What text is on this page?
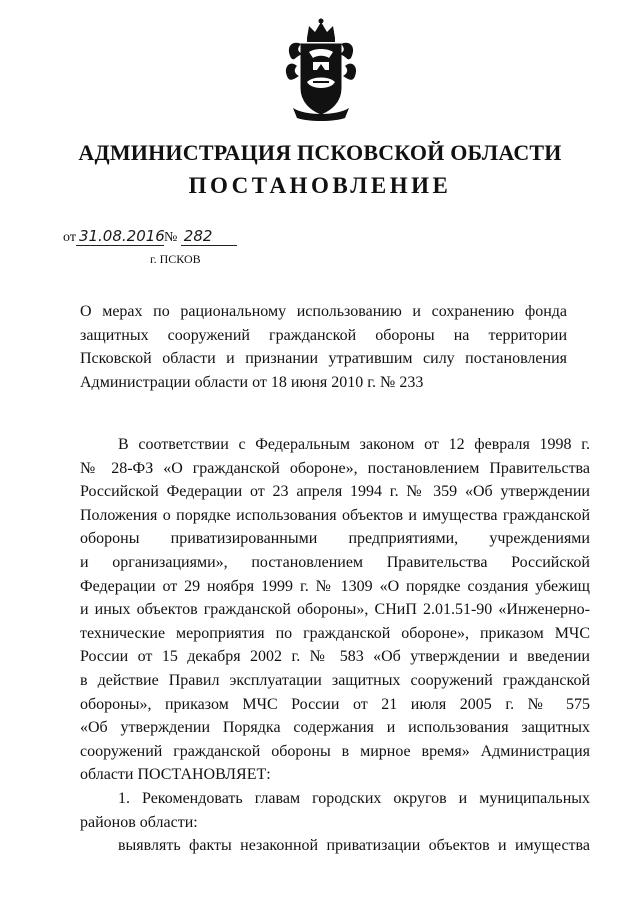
АДМИНИСТРАЦИЯ ПСКОВСКОЙ ОБЛАСТИ
ПОСТАНОВЛЕНИЕ
от 31.08.2016№ 282
г. ПСКОВ
О мерах по рациональному использованию и сохранению фонда
защитных сооружений гражданской обороны на территории
Псковской области и признании утратившим силу постановления
Администрации области от 18 июня 2010 г. № 233
В соответствии с Федеральным законом от 12 февраля 1998 г.
№ 28-ФЗ «О гражданской обороне», постановлением Правительства
Российской Федерации от 23 апреля 1994 г. № 359 «Об утверждении
Положения о порядке использования объектов и имущества гражданской
обороны приватизированными предприятиями, учреждениями
и организациями», постановлением Правительства Российской
Федерации от 29 ноября 1999 г. № 1309 «О порядке создания убежищ
и иных объектов гражданской обороны», СНиП 2.01.51-90 «Инженерно-
технические мероприятия по гражданской обороне», приказом МЧС
России от 15 декабря 2002 г. № 583 «Об утверждении и введении
в действие Правил эксплуатации защитных сооружений гражданской
обороны», приказом МЧС России от 21 июля 2005 г. № 575
«Об утверждении Порядка содержания и использования защитных
сооружений гражданской обороны в мирное время» Администрация
области ПОСТАНОВЛЯЕТ:
1. Рекомендовать главам городских округов и муниципальных
районов области:
выявлять факты незаконной приватизации объектов и имущества
